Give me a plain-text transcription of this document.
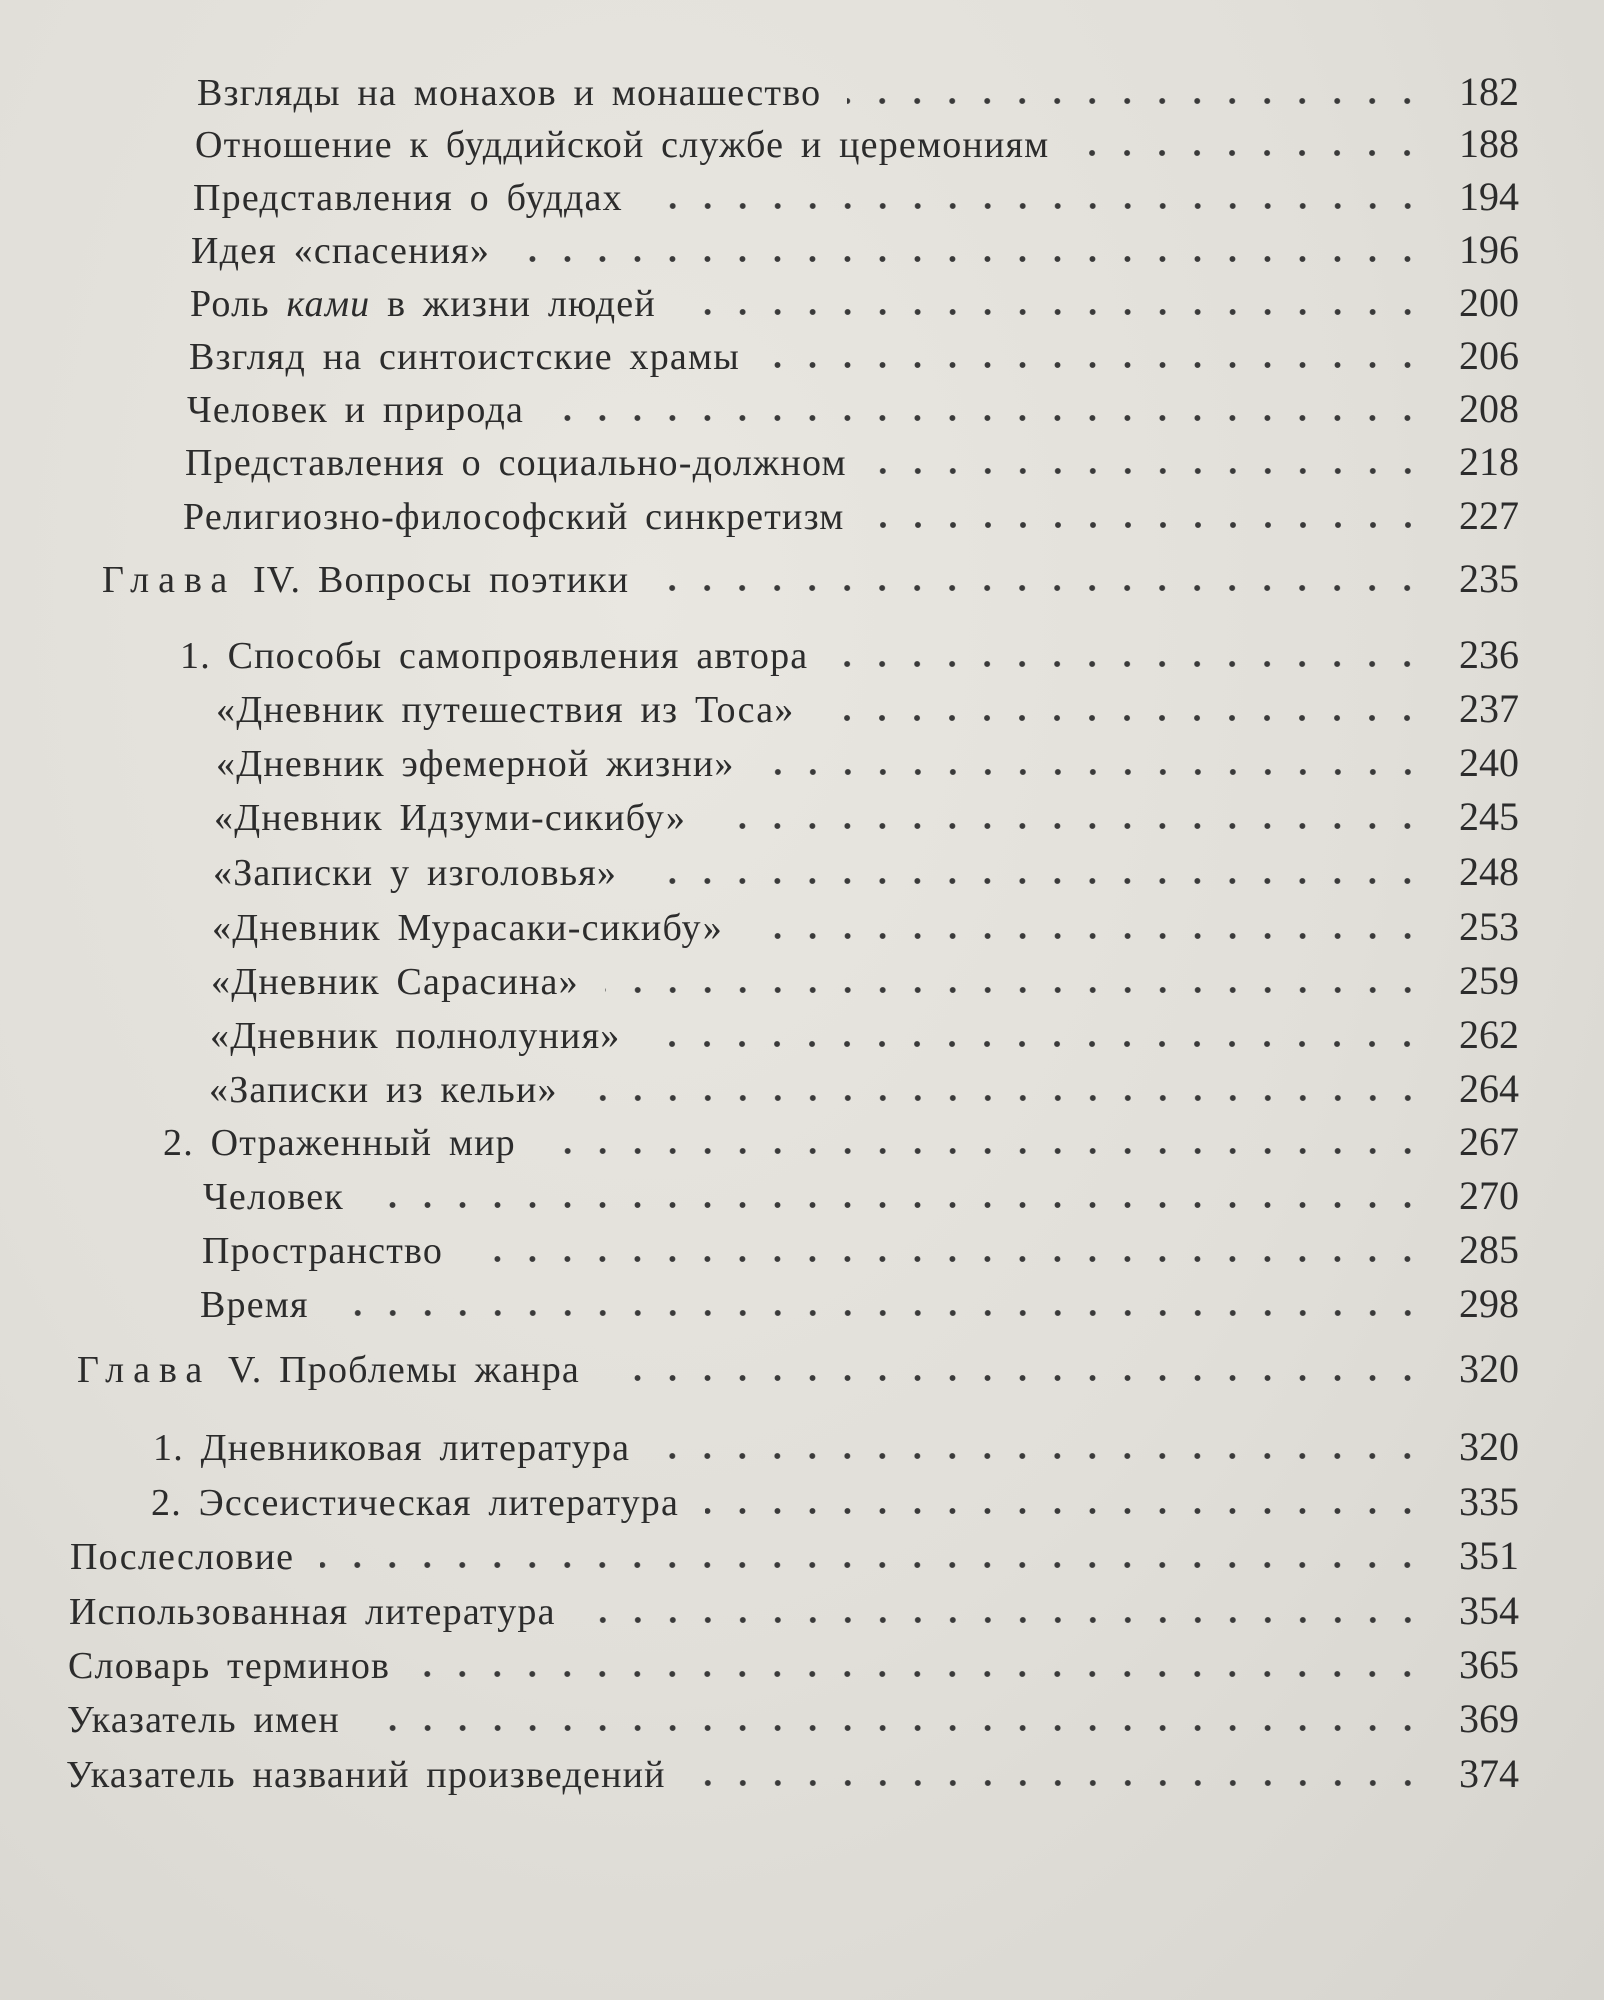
Взгляды на монахов и монашество	182
Отношение к буддийской службе и церемониям	188
Представления о буддах	194
Идея «спасения»	196
Роль ками в жизни людей	200
Взгляд на синтоистские храмы	206
Человек и природа	208
Представления о социально-должном	218
Религиозно-философский синкретизм	227
Глава IV. Вопросы поэтики	235
1. Способы самопроявления автора	236
«Дневник путешествия из Тоса»	237
«Дневник эфемерной жизни»	240
«Дневник Идзуми-сикибу»	245
«Записки у изголовья»	248
«Дневник Мурасаки-сикибу»	253
«Дневник Сарасина»	259
«Дневник полнолуния»	262
«Записки из кельи»	264
2. Отраженный мир	267
Человек	270
Пространство	285
Время	298
Глава V. Проблемы жанра	320
1. Дневниковая литература	320
2. Эссеистическая литература	335
Послесловие	351
Использованная литература	354
Словарь терминов	365
Указатель имен	369
Указатель названий произведений	374
